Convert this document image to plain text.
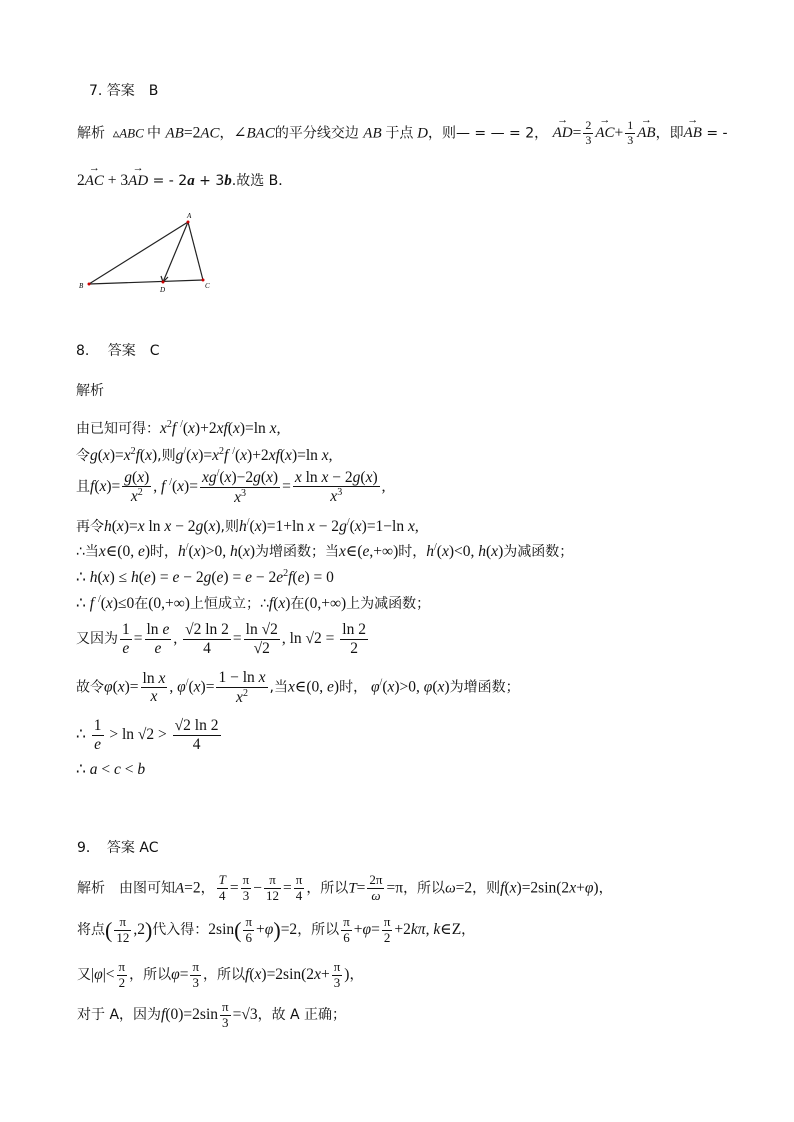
7. 答案　B
解析  ▵ABC 中 AB=2AC，∠BAC的平分线交边 AB 于点 D，则— = — = 2， → $AD= \frac{2}{3}$
→ $AC+ \frac{1}{3}$
→ AB，即→ AB = -
2→ AC + 3→ AD = - 2a + 3b.故选 B．
A
B	C
D
8.　 答案　C
解析
由已知可得：$x^2f$ /(x)+2xf(x)=ln x,
令$g(x)=x^2f(x)$,则$g^/(x)=x^2f$ /(x)+2xf(x)=ln x,
且$f(x)= \frac{g(x)}{x^2}$ , f $^/(x)= \frac{xg^/(x)-2g(x)}{x^3} = \frac{\text{x ln x − 2g(x)}}{x^3}$ ,
再令h(x)=x ln x − 2g(x),则h/(x)=1+ln x − 2g/(x)=1−ln x,
∴当x∈(0, e)时，h/(x)>0, h(x)为增函数；当x∈(e,+∞)时，h/(x)<0, h(x)为减函数；
∴ $h(x) \le h(e) = e - 2g(e) = e - 2e^2f(e) = 0$
∴ f /(x)≤0在(0,+∞)上恒成立；∴f(x)在(0,+∞)上为减函数；
又因为 $\frac{1}{e} = \frac{\text{ln e}}{e}$ , $\frac{√2 \ln 2}{4} = \frac{\ln √2}{√2}$ , $\ln √2 = \frac{\ln 2}{2}$
故令$\varphi(x)= \frac{\text{ln x}}{x}$ , $\varphi^/(x)= \frac{\text{1 − ln x}}{x^2}$ ,当x∈(0, e)时， φ/(x)>0, φ(x)为增函数；
∴ $\frac{1}{e} > \ln √2 > \frac{√2 \ln 2}{4}$
∴ a < c < b
9．　答案 AC
解析　由图可知A=2， $\frac{T}{4} = \frac{\pi}{3} - \frac{\pi}{12} = \frac{\pi}{4}$ ，所以$T= \frac{2\pi}{\omega} =\pi$，所以ω=2，则f(x)=2sin(2x+φ)，
将点( $\frac{\pi}{12} ,2$)代入得：$2\sin( \frac{\pi}{6} +\varphi)=2$，所以 $\frac{\pi}{6} +\varphi= \frac{\pi}{2} +2k\pi$, k∈Z，
又$|\varphi|< \frac{\pi}{2}$ ，所以$\varphi= \frac{\pi}{3}$ ，所以$f(x)=2\sin(2x+ \frac{\pi}{3}$ )，
对于 A，因为$f(0)=2\sin \frac{\pi}{3} =√3$，故 A 正确；
